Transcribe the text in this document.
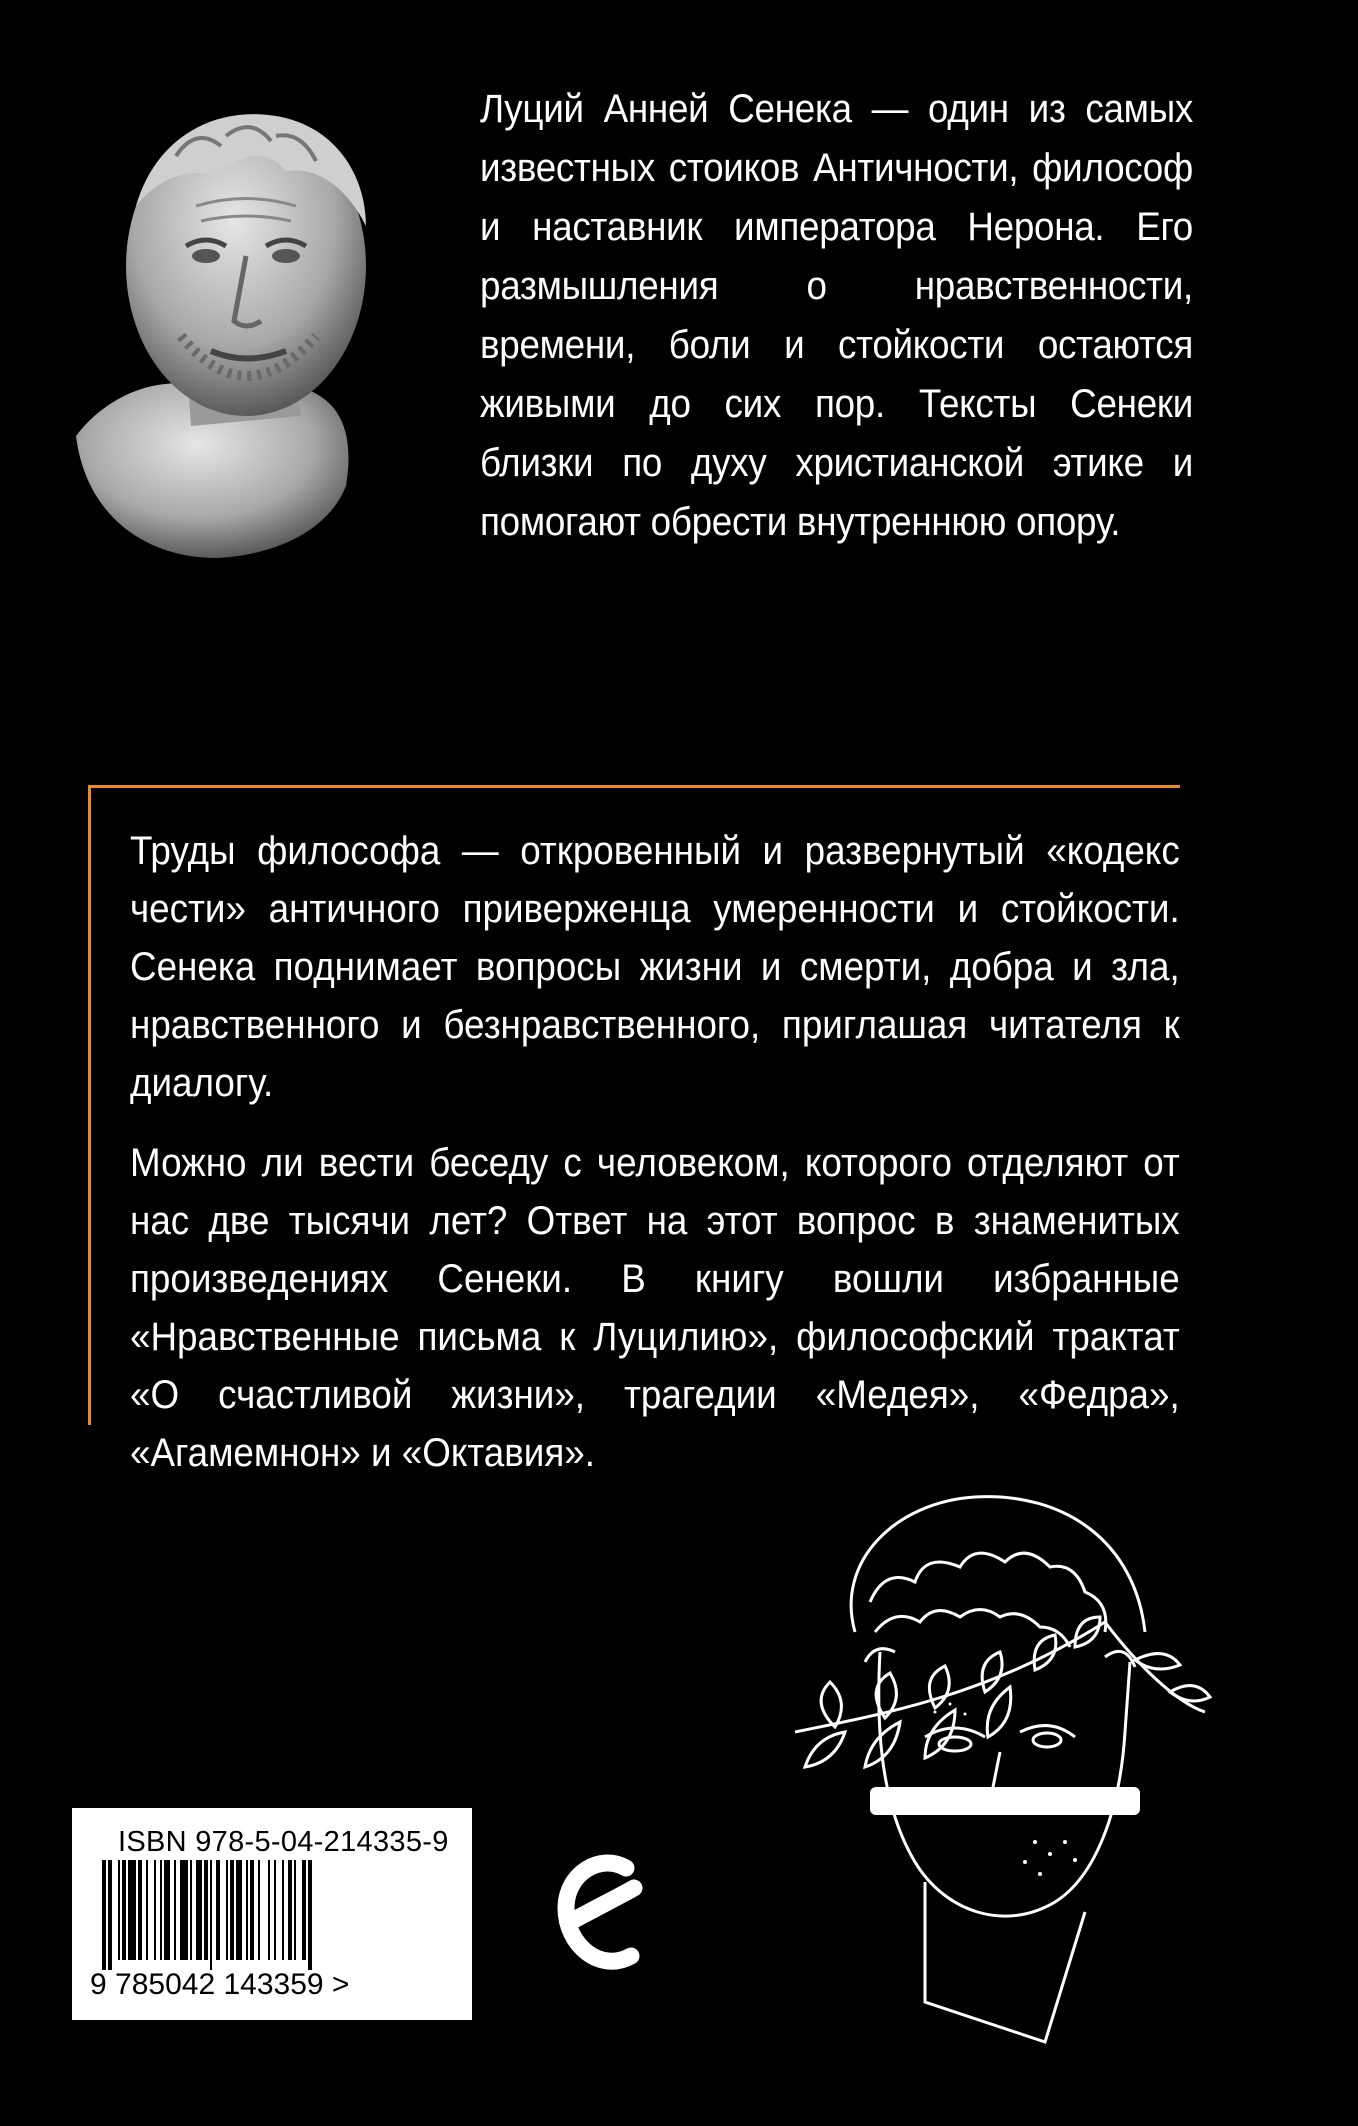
Луций Анней Сенека — один из самых известных стоиков Античности, философ и наставник императора Нерона. Его размышления о нравственности, времени, боли и стойкости остаются живыми до сих пор. Тексты Сенеки близки по духу христианской этике и помогают обрести внутреннюю опору.

Труды философа — откровенный и развернутый «кодекс чести» античного приверженца умеренности и стойкости. Сенека поднимает вопросы жизни и смерти, добра и зла, нравственного и безнравственного, приглашая читателя к диалогу.

Можно ли вести беседу с человеком, которого отделяют от нас две тысячи лет? Ответ на этот вопрос в знаменитых произведениях Сенеки. В книгу вошли избранные «Нравственные письма к Луцилию», философский трактат «О счастливой жизни», трагедии «Медея», «Федра», «Агамемнон» и «Октавия».

ISBN 978-5-04-214335-9
9 785042 143359 >
